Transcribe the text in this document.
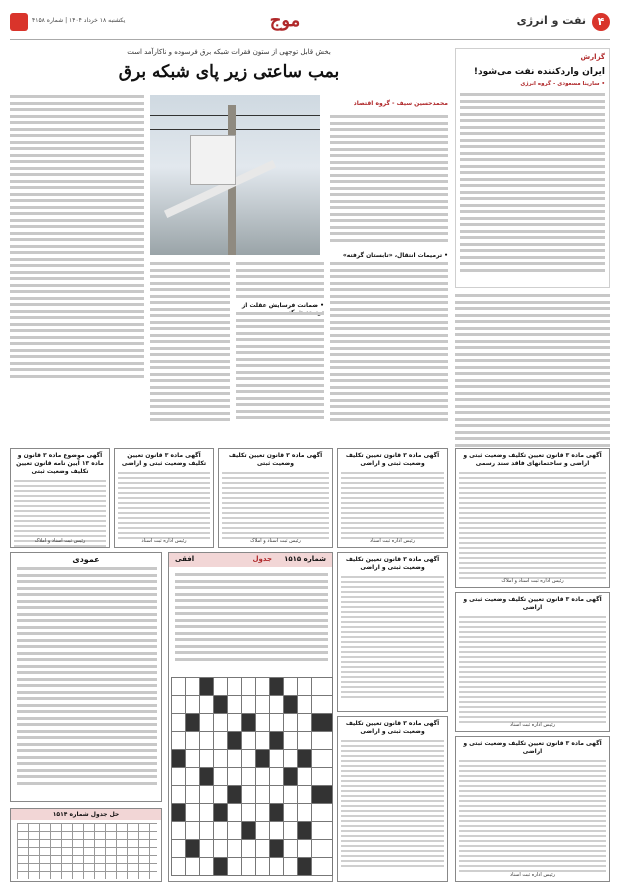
۴
نفت و انرژی
موج
یکشنبه ۱۸ خرداد ۱۴۰۴ | شماره ۴۱۵۸
بخش قابل توجهی از ستون فقرات شبکه برق فرسوده و ناکارآمد است
بمب ساعتی زیر پای شبکه برق
محمدحسین سیف - گروه اقتصاد
• ترمیمات انتقال، «تابستان گرفته»
• ضمانت فرسایش عقلت از
گزارش
ایران واردکننده نفت می‌شود!
• سارینا مسعودی - گروه انرژی
آگهی موضوع ماده ۳ قانون و ماده ۱۳ آیین نامه قانون تعیین تکلیف وضعیت ثبتی
رئیس ثبت اسناد و املاک
آگهی ماده ۳ قانون تعیین تکلیف وضعیت ثبتی و اراضی
رئیس اداره ثبت اسناد
آگهی ماده ۳ قانون تعیین تکلیف وضعیت ثبتی
رئیس ثبت اسناد و املاک
آگهی ماده ۳ قانون تعیین تکلیف وضعیت ثبتی و اراضی
رئیس اداره ثبت اسناد
آگهی ماده ۳ قانون تعیین تکلیف وضعیت ثبتی و اراضی و ساختمانهای فاقد سند رسمی
رئیس اداره ثبت اسناد و املاک
آگهی ماده ۳ قانون تعیین تکلیف وضعیت ثبتی و اراضی
رئیس اداره ثبت اسناد
آگهی ماده ۳ قانون تعیین تکلیف وضعیت ثبتی و اراضی
رئیس اداره ثبت اسناد
آگهی ماده ۳ قانون تعیین تکلیف وضعیت ثبتی و اراضی
آگهی ماده ۳ قانون تعیین تکلیف وضعیت ثبتی و اراضی
شماره ۱۵۱۵
جدول
افقی
عمودی
حل جدول شماره ۱۵۱۴
